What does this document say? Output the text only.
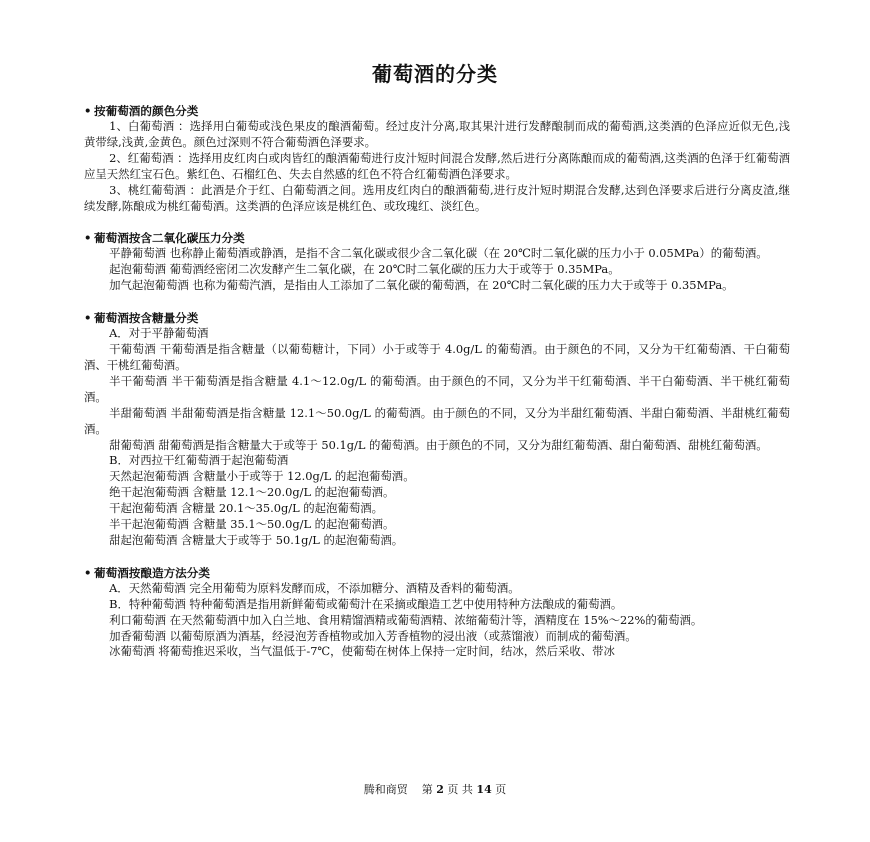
葡萄酒的分类
• 按葡萄酒的颜色分类

1、白葡萄酒 ：选择用白葡萄或浅色果皮的酿酒葡萄。经过皮汁分离,取其果汁进行发酵酿制而成的葡萄酒,这类酒的色泽应近似无色,浅黄带绿,浅黄,金黄色。颜色过深则不符合葡萄酒色泽要求。

2、红葡萄酒 ：选择用皮红肉白或肉皆红的酿酒葡萄进行皮汁短时间混合发酵,然后进行分离陈酿而成的葡萄酒,这类酒的色泽于红葡萄酒应呈天然红宝石色。紫红色、石榴红色、失去自然感的红色不符合红葡萄酒色泽要求。

3、桃红葡萄酒 ：此酒是介于红、白葡萄酒之间。选用皮红肉白的酿酒葡萄,进行皮汁短时期混合发酵,达到色泽要求后进行分离皮渣,继续发酵,陈酿成为桃红葡萄酒。这类酒的色泽应该是桃红色、或玫瑰红、淡红色。

• 葡萄酒按含二氧化碳压力分类

平静葡萄酒 也称静止葡萄酒或静酒，是指不含二氧化碳或很少含二氧化碳（在 20℃时二氧化碳的压力小于 0.05MPa）的葡萄酒。

起泡葡萄酒 葡萄酒经密闭二次发酵产生二氧化碳，在 20℃时二氧化碳的压力大于或等于 0.35MPa。

加气起泡葡萄酒 也称为葡萄汽酒，是指由人工添加了二氧化碳的葡萄酒，在 20℃时二氧化碳的压力大于或等于 0.35MPa。

• 葡萄酒按含糖量分类

A．对于平静葡萄酒

干葡萄酒 干葡萄酒是指含糖量（以葡萄糖计，下同）小于或等于 4.0g/L 的葡萄酒。由于颜色的不同，又分为干红葡萄酒、干白葡萄酒、干桃红葡萄酒。

半干葡萄酒 半干葡萄酒是指含糖量 4.1～12.0g/L 的葡萄酒。由于颜色的不同，又分为半干红葡萄酒、半干白葡萄酒、半干桃红葡萄酒。

半甜葡萄酒 半甜葡萄酒是指含糖量 12.1～50.0g/L 的葡萄酒。由于颜色的不同，又分为半甜红葡萄酒、半甜白葡萄酒、半甜桃红葡萄酒。

甜葡萄酒 甜葡萄酒是指含糖量大于或等于 50.1g/L 的葡萄酒。由于颜色的不同，又分为甜红葡萄酒、甜白葡萄酒、甜桃红葡萄酒。

B．对西拉干红葡萄酒于起泡葡萄酒

天然起泡葡萄酒 含糖量小于或等于 12.0g/L 的起泡葡萄酒。

绝干起泡葡萄酒 含糖量 12.1～20.0g/L 的起泡葡萄酒。

干起泡葡萄酒 含糖量 20.1～35.0g/L 的起泡葡萄酒。

半干起泡葡萄酒 含糖量 35.1～50.0g/L 的起泡葡萄酒。

甜起泡葡萄酒 含糖量大于或等于 50.1g/L 的起泡葡萄酒。

• 葡萄酒按酿造方法分类

A．天然葡萄酒 完全用葡萄为原料发酵而成，不添加糖分、酒精及香料的葡萄酒。

B．特种葡萄酒 特种葡萄酒是指用新鲜葡萄或葡萄汁在采摘或酿造工艺中使用特种方法酿成的葡萄酒。

利口葡萄酒 在天然葡萄酒中加入白兰地、食用精馏酒精或葡萄酒精、浓缩葡萄汁等，酒精度在 15%～22%的葡萄酒。

加香葡萄酒 以葡萄原酒为酒基，经浸泡芳香植物或加入芳香植物的浸出液（或蒸馏液）而制成的葡萄酒。

冰葡萄酒 将葡萄推迟采收，当气温低于-7℃，使葡萄在树体上保持一定时间，结冰，然后采收、带冰

腾和商贸 第 2 页 共 14 页
